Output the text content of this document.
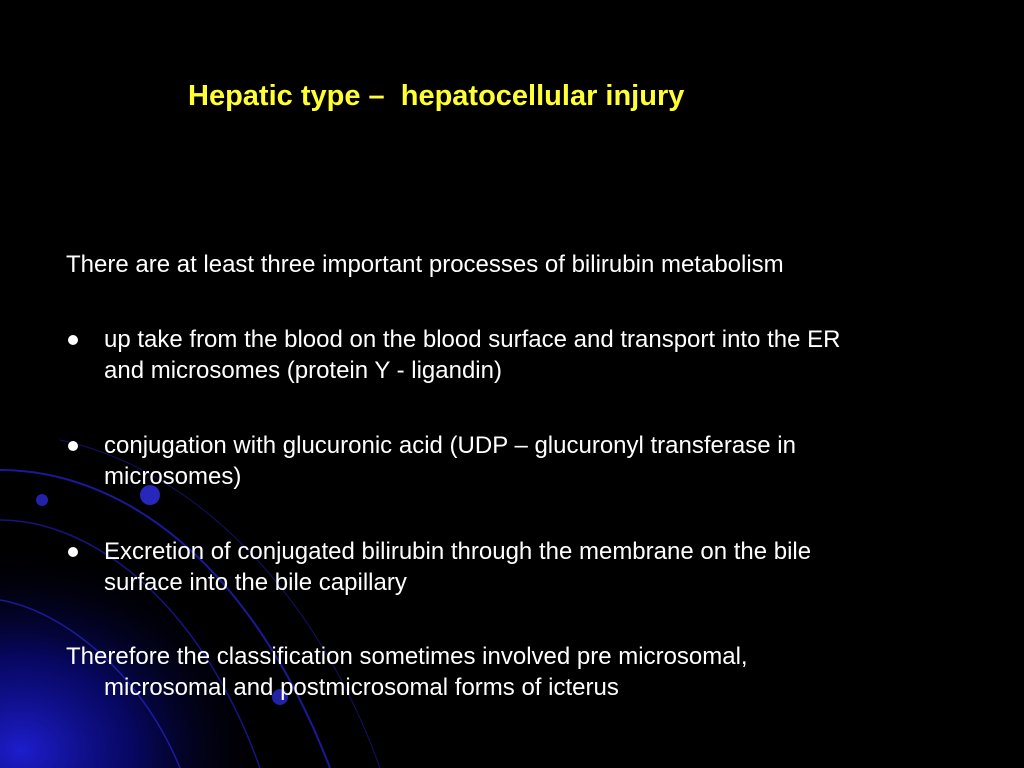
Hepatic type –  hepatocellular injury
There are at least three important processes of bilirubin metabolism
up take from the blood on the blood surface and transport into the ER
and microsomes (protein Y - ligandin)
conjugation with glucuronic acid (UDP – glucuronyl transferase in
microsomes)
Excretion of conjugated bilirubin through the membrane on the bile
surface into the bile capillary
Therefore the classification sometimes involved pre microsomal,
microsomal and postmicrosomal forms of icterus
